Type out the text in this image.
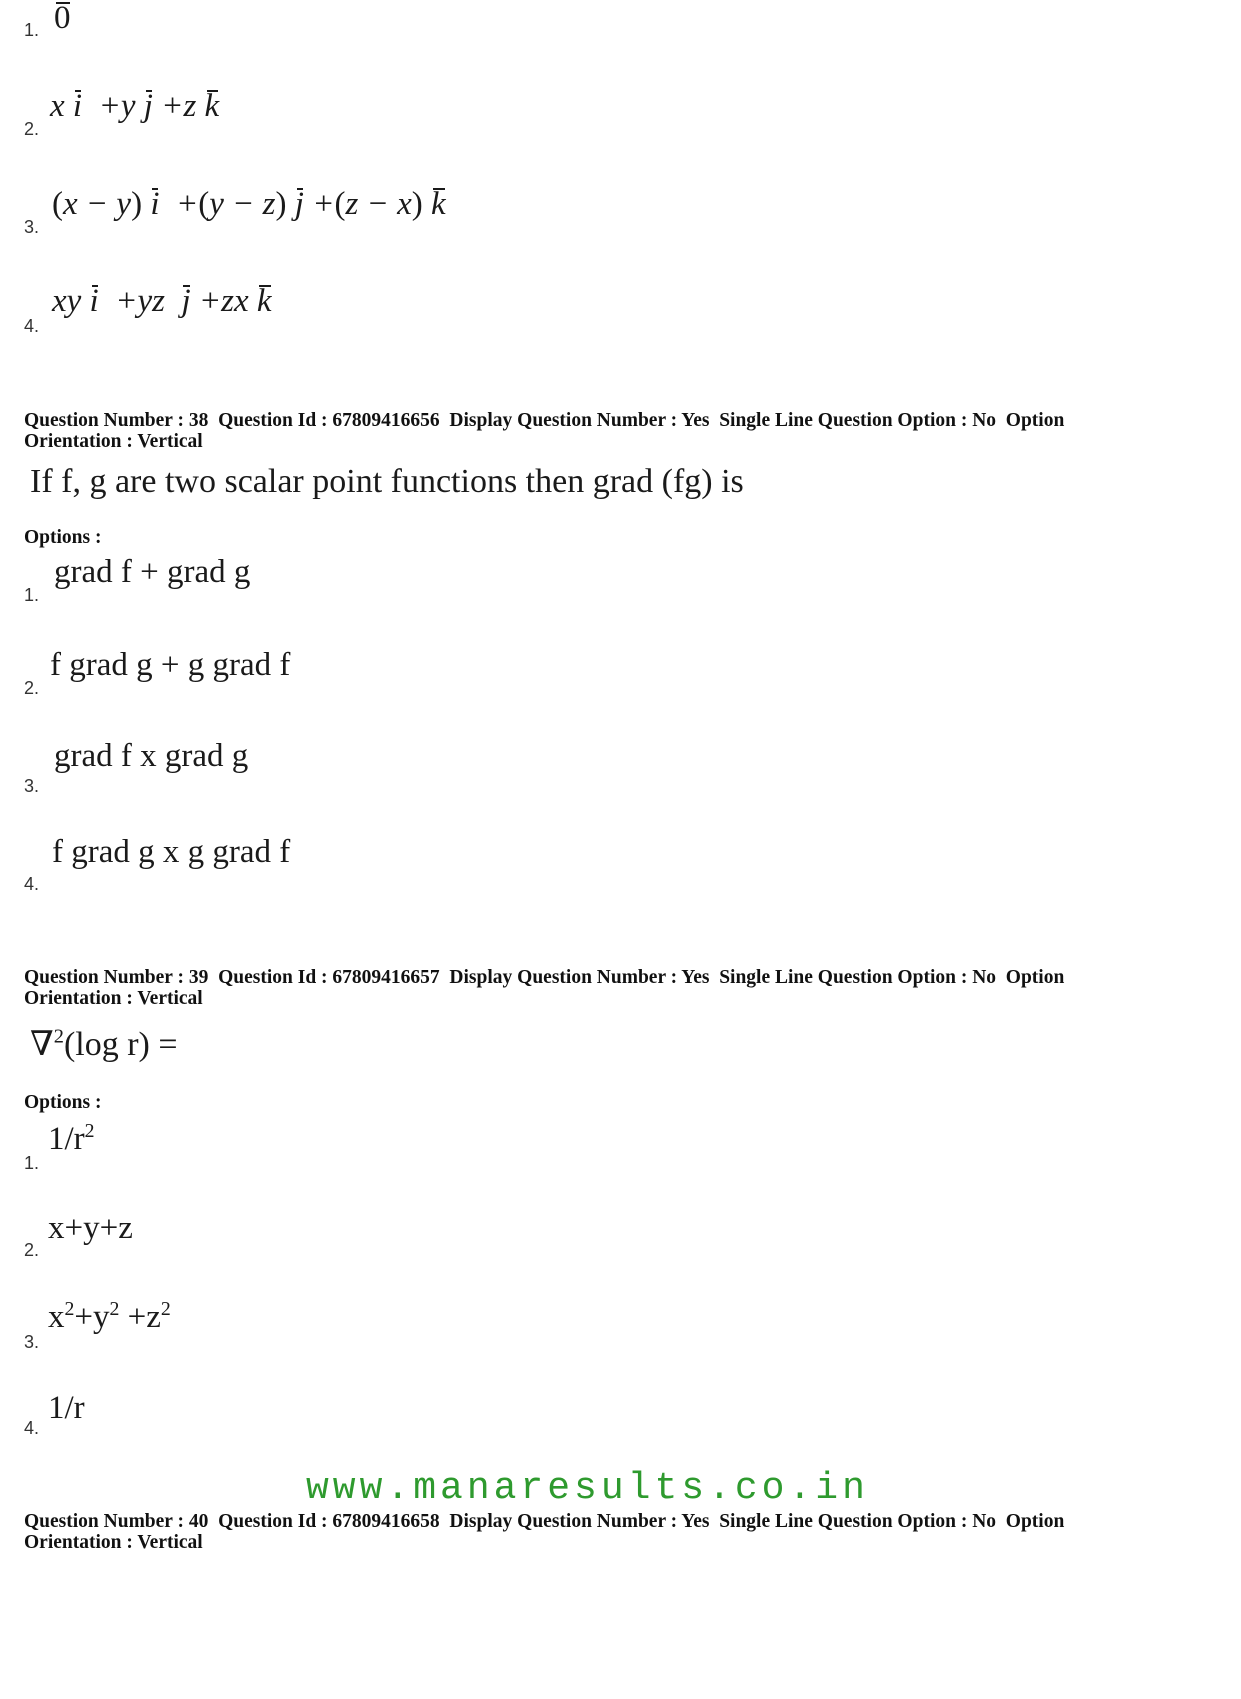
1. 0
2.
x i  +y j +z k
3.
(x − y) i  +(y − z) j +(z − x) k
4.
xy i  +yz  j +zx k
Question Number : 38  Question Id : 67809416656  Display Question Number : Yes  Single Line Question Option : No  Option
Orientation : Vertical
If f, g are two scalar point functions then grad (fg) is
Options :
1.
grad f + grad g
2.
f grad g + g grad f
3.
grad f x grad g
4.
f grad g x g grad f
Question Number : 39  Question Id : 67809416657  Display Question Number : Yes  Single Line Question Option : No  Option
Orientation : Vertical
∇$^2$(log r) =
Options :
1.
$1/r^2$
2.
x+y+z
3.
$x^2+y^2 +z^2$
4.
1/r
www.manaresults.co.in
Question Number : 40  Question Id : 67809416658  Display Question Number : Yes  Single Line Question Option : No  Option
Orientation : Vertical
